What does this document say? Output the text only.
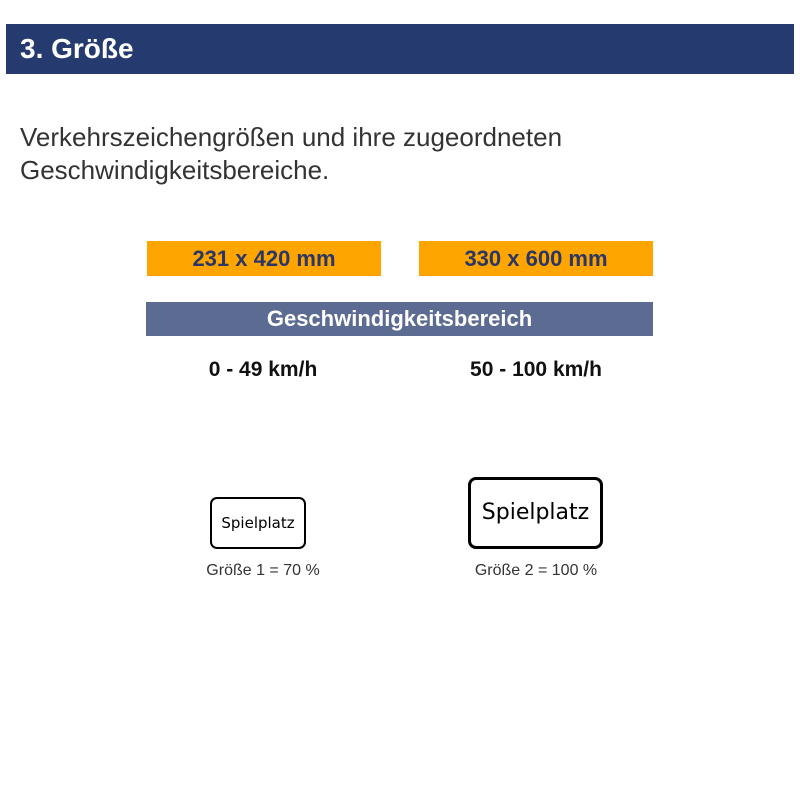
3. Größe
Verkehrszeichengrößen und ihre zugeordneten Geschwindigkeitsbereiche.
231 x 420 mm	330 x 600 mm
Geschwindigkeitsbereich
0 - 49 km/h	50 - 100 km/h
Spielplatz	Spielplatz
Größe 1 = 70 %	Größe 2 = 100 %
